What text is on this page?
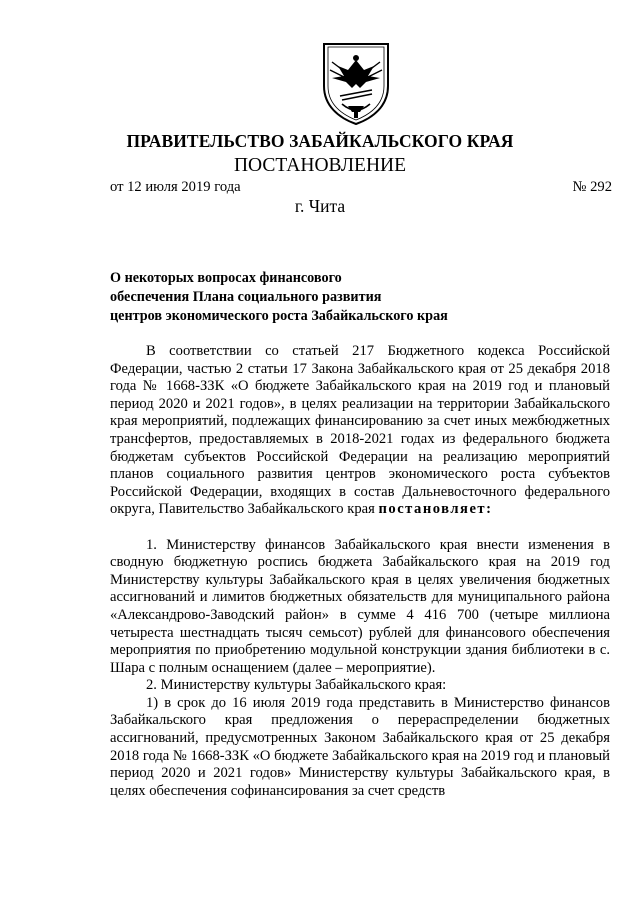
ПРАВИТЕЛЬСТВО ЗАБАЙКАЛЬСКОГО КРАЯ
ПОСТАНОВЛЕНИЕ
от 12 июля 2019 года	№ 292
г. Чита
О некоторых вопросах финансового
обеспечения Плана социального развития
центров экономического роста Забайкальского края

В соответствии со статьей 217 Бюджетного кодекса Российской Федерации, частью 2 статьи 17 Закона Забайкальского края от 25 декабря 2018 года № 1668-ЗЗК «О бюджете Забайкальского края на 2019 год и плановый период 2020 и 2021 годов», в целях реализации на территории Забайкальского края мероприятий, подлежащих финансированию за счет иных межбюджетных трансфертов, предоставляемых в 2018-2021 годах из федерального бюджета бюджетам субъектов Российской Федерации на реализацию мероприятий планов социального развития центров экономического роста субъектов Российской Федерации, входящих в состав Дальневосточного федерального округа, Павительство Забайкальского края постановляет:

1. Министерству финансов Забайкальского края внести изменения в сводную бюджетную роспись бюджета Забайкальского края на 2019 год Министерству культуры Забайкальского края в целях увеличения бюджетных ассигнований и лимитов бюджетных обязательств для муниципального района «Александрово-Заводский район» в сумме 4 416 700 (четыре миллиона четыреста шестнадцать тысяч семьсот) рублей для финансового обеспечения мероприятия по приобретению модульной конструкции здания библиотеки в с. Шара с полным оснащением (далее – мероприятие).

2. Министерству культуры Забайкальского края:

1) в срок до 16 июля 2019 года представить в Министерство финансов Забайкальского края предложения о перераспределении бюджетных ассигнований, предусмотренных Законом Забайкальского края от 25 декабря 2018 года № 1668-ЗЗК «О бюджете Забайкальского края на 2019 год и плановый период 2020 и 2021 годов» Министерству культуры Забайкальского края, в целях обеспечения софинансирования за счет средств
